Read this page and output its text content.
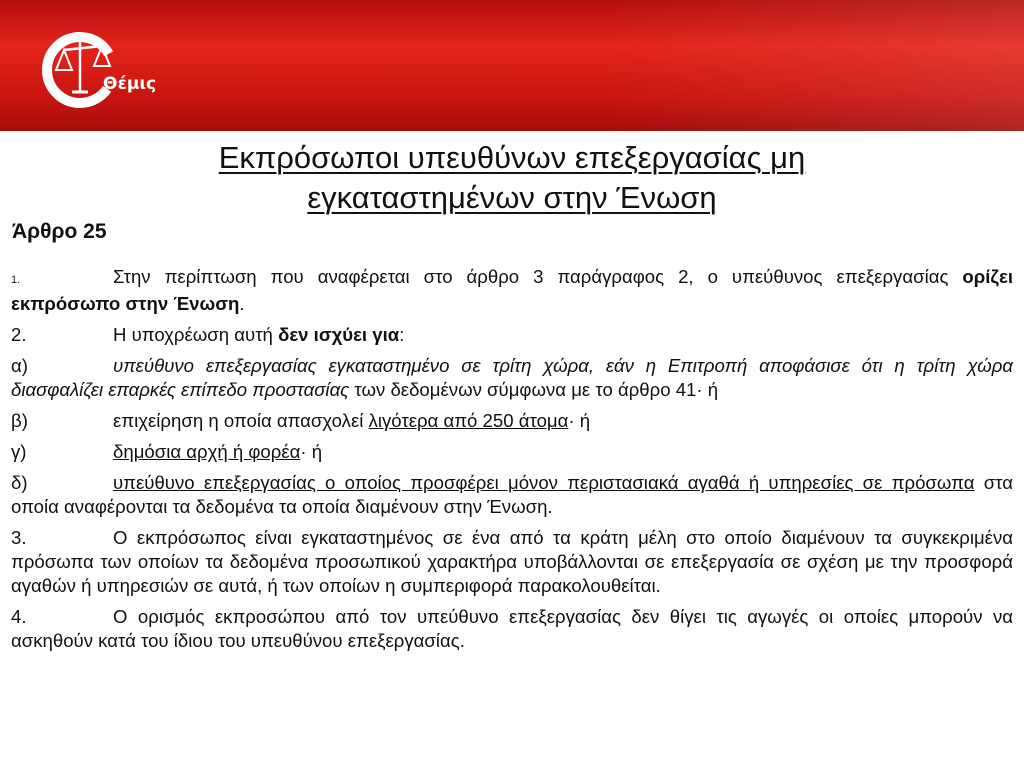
Θέμις
Εκπρόσωποι υπευθύνων επεξεργασίας μη
εγκαταστημένων στην Ένωση
Άρθρο 25

1.	Στην περίπτωση που αναφέρεται στο άρθρο 3 παράγραφος 2, ο υπεύθυνος επεξεργασίας ορίζει εκπρόσωπο στην Ένωση.

2.	Η υποχρέωση αυτή δεν ισχύει για:

α)	υπεύθυνο επεξεργασίας εγκαταστημένο σε τρίτη χώρα, εάν η Επιτροπή αποφάσισε ότι η τρίτη χώρα διασφαλίζει επαρκές επίπεδο προστασίας των δεδομένων σύμφωνα με το άρθρο 41· ή

β)	επιχείρηση η οποία απασχολεί λιγότερα από 250 άτομα· ή

γ)	δημόσια αρχή ή φορέα· ή

δ)	υπεύθυνο επεξεργασίας ο οποίος προσφέρει μόνον περιστασιακά αγαθά ή υπηρεσίες σε πρόσωπα στα οποία αναφέρονται τα δεδομένα τα οποία διαμένουν στην Ένωση.

3.	Ο εκπρόσωπος είναι εγκαταστημένος σε ένα από τα κράτη μέλη στο οποίο διαμένουν τα συγκεκριμένα πρόσωπα των οποίων τα δεδομένα προσωπικού χαρακτήρα υποβάλλονται σε επεξεργασία σε σχέση με την προσφορά αγαθών ή υπηρεσιών σε αυτά, ή των οποίων η συμπεριφορά παρακολουθείται.

4.	Ο ορισμός εκπροσώπου από τον υπεύθυνο επεξεργασίας δεν θίγει τις αγωγές οι οποίες μπορούν να ασκηθούν κατά του ίδιου του υπευθύνου επεξεργασίας.
